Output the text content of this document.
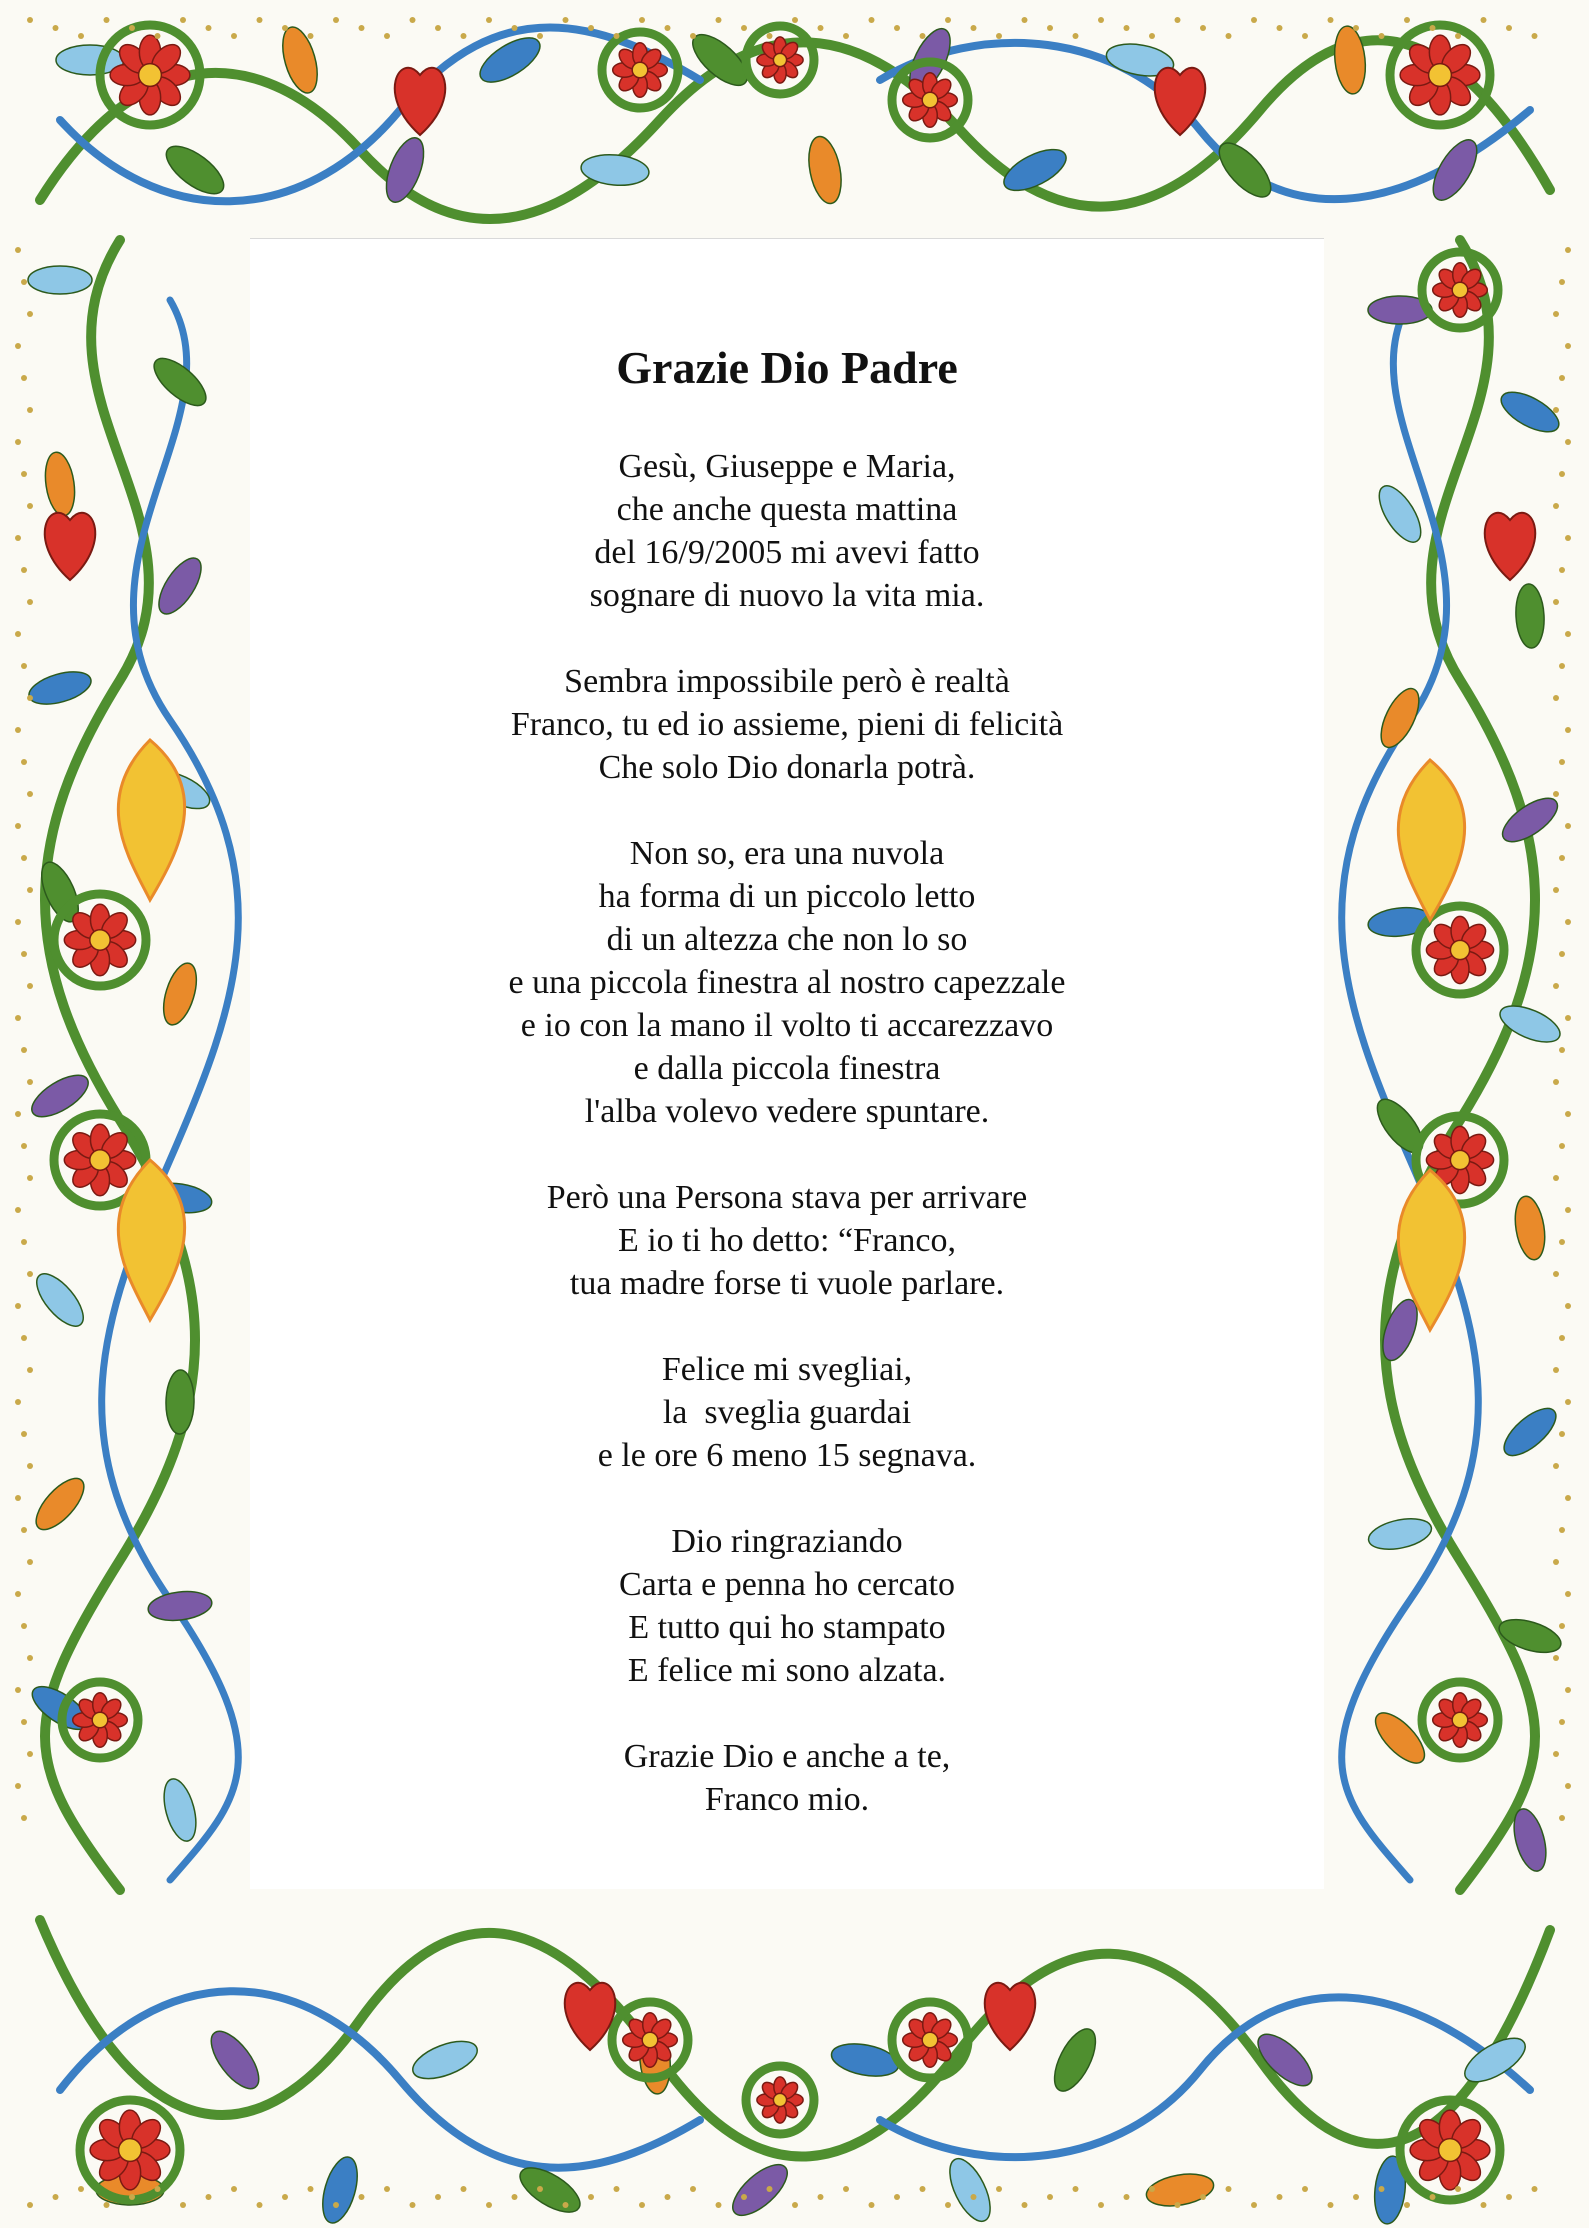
Grazie Dio Padre
Gesù, Giuseppe e Maria,
che anche questa mattina
del 16/9/2005 mi avevi fatto
sognare di nuovo la vita mia.
Sembra impossibile però è realtà
Franco, tu ed io assieme, pieni di felicità
Che solo Dio donarla potrà.
Non so, era una nuvola
ha forma di un piccolo letto
di un altezza che non lo so
e una piccola finestra al nostro capezzale
e io con la mano il volto ti accarezzavo
e dalla piccola finestra
l'alba volevo vedere spuntare.
Però una Persona stava per arrivare
E io ti ho detto: “Franco,
tua madre forse ti vuole parlare.
Felice mi svegliai,
la  sveglia guardai
e le ore 6 meno 15 segnava.
Dio ringraziando
Carta e penna ho cercato
E tutto qui ho stampato
E felice mi sono alzata.
Grazie Dio e anche a te,
Franco mio.
